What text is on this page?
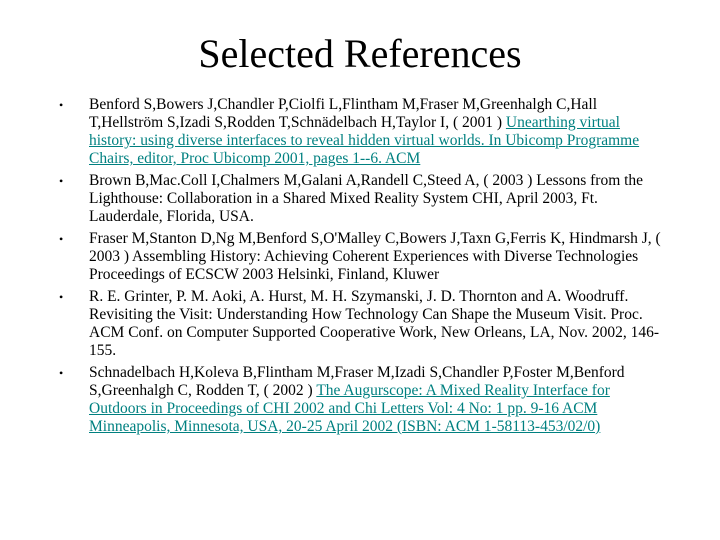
Selected References
• Benford S,Bowers J,Chandler P,Ciolfi L,Flintham M,Fraser M,Greenhalgh C,Hall T,Hellström S,Izadi S,Rodden T,Schnädelbach H,Taylor I, ( 2001 ) Unearthing virtual history: using diverse interfaces to reveal hidden virtual worlds. In Ubicomp Programme Chairs, editor, Proc Ubicomp 2001, pages 1--6. ACM
• Brown B,Mac.Coll I,Chalmers M,Galani A,Randell C,Steed A, ( 2003 ) Lessons from the Lighthouse: Collaboration in a Shared Mixed Reality System CHI, April 2003, Ft. Lauderdale, Florida, USA.
• Fraser M,Stanton D,Ng M,Benford S,O'Malley C,Bowers J,Taxn G,Ferris K, Hindmarsh J, ( 2003 ) Assembling History: Achieving Coherent Experiences with Diverse Technologies Proceedings of ECSCW 2003 Helsinki, Finland, Kluwer
• R. E. Grinter, P. M. Aoki, A. Hurst, M. H. Szymanski, J. D. Thornton and A. Woodruff. Revisiting the Visit: Understanding How Technology Can Shape the Museum Visit. Proc. ACM Conf. on Computer Supported Cooperative Work, New Orleans, LA, Nov. 2002, 146-155.
• Schnadelbach H,Koleva B,Flintham M,Fraser M,Izadi S,Chandler P,Foster M,Benford S,Greenhalgh C, Rodden T, ( 2002 ) The Augurscope: A Mixed Reality Interface for Outdoors in Proceedings of CHI 2002 and Chi Letters Vol: 4 No: 1 pp. 9-16 ACM Minneapolis, Minnesota, USA, 20-25 April 2002 (ISBN: ACM 1-58113-453/02/0)
